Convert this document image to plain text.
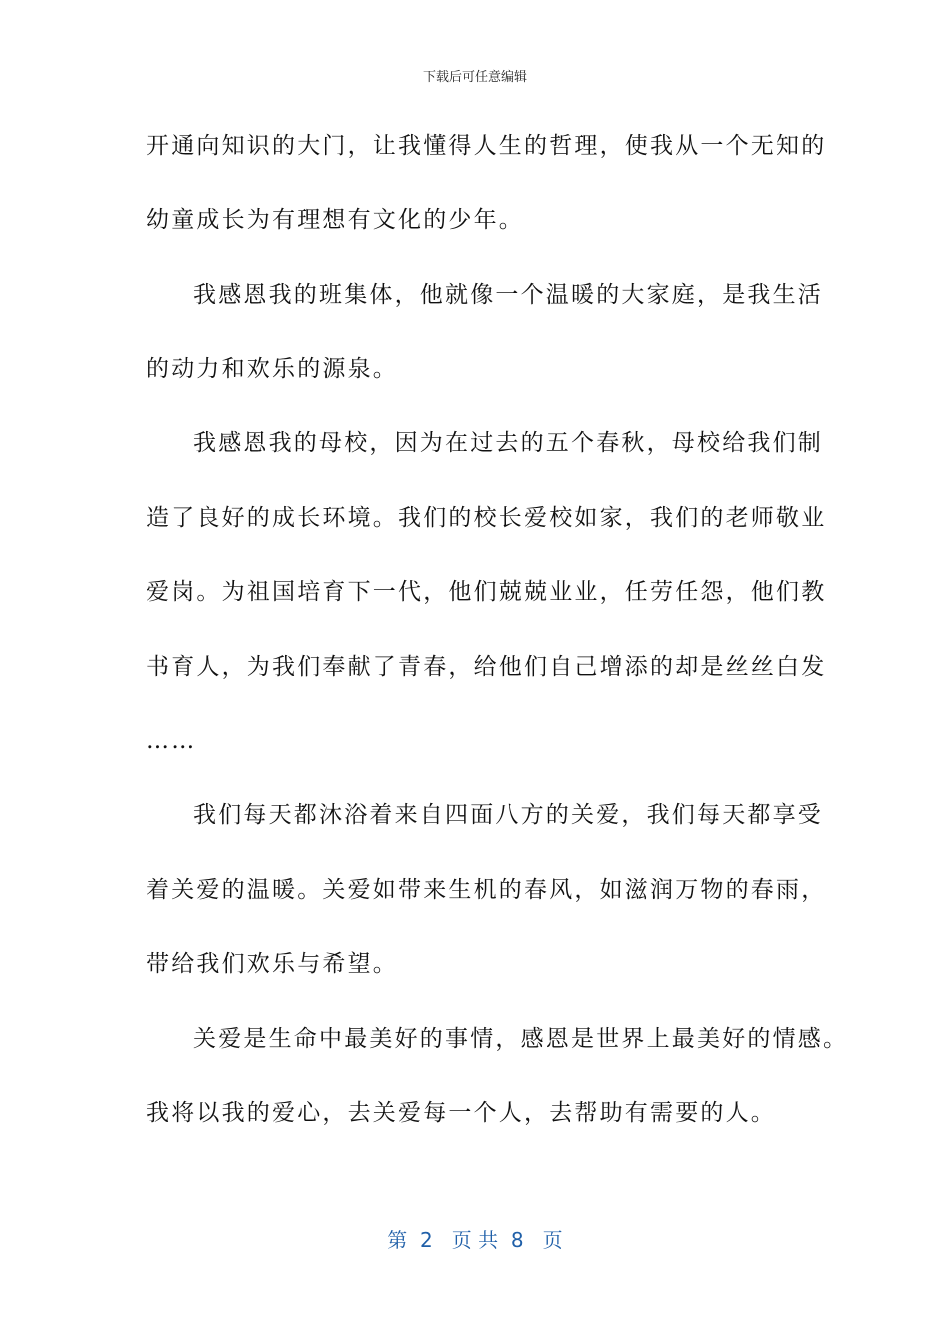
下载后可任意编辑
开通向知识的大门，让我懂得人生的哲理，使我从一个无知的
幼童成长为有理想有文化的少年。
我感恩我的班集体，他就像一个温暖的大家庭，是我生活
的动力和欢乐的源泉。
我感恩我的母校，因为在过去的五个春秋，母校给我们制
造了良好的成长环境。我们的校长爱校如家，我们的老师敬业
爱岗。为祖国培育下一代，他们兢兢业业，任劳任怨，他们教
书育人，为我们奉献了青春，给他们自己增添的却是丝丝白发
……
我们每天都沐浴着来自四面八方的关爱，我们每天都享受
着关爱的温暖。关爱如带来生机的春风，如滋润万物的春雨，
带给我们欢乐与希望。
关爱是生命中最美好的事情，感恩是世界上最美好的情感。
我将以我的爱心，去关爱每一个人，去帮助有需要的人。
第  2   页 共  8   页
